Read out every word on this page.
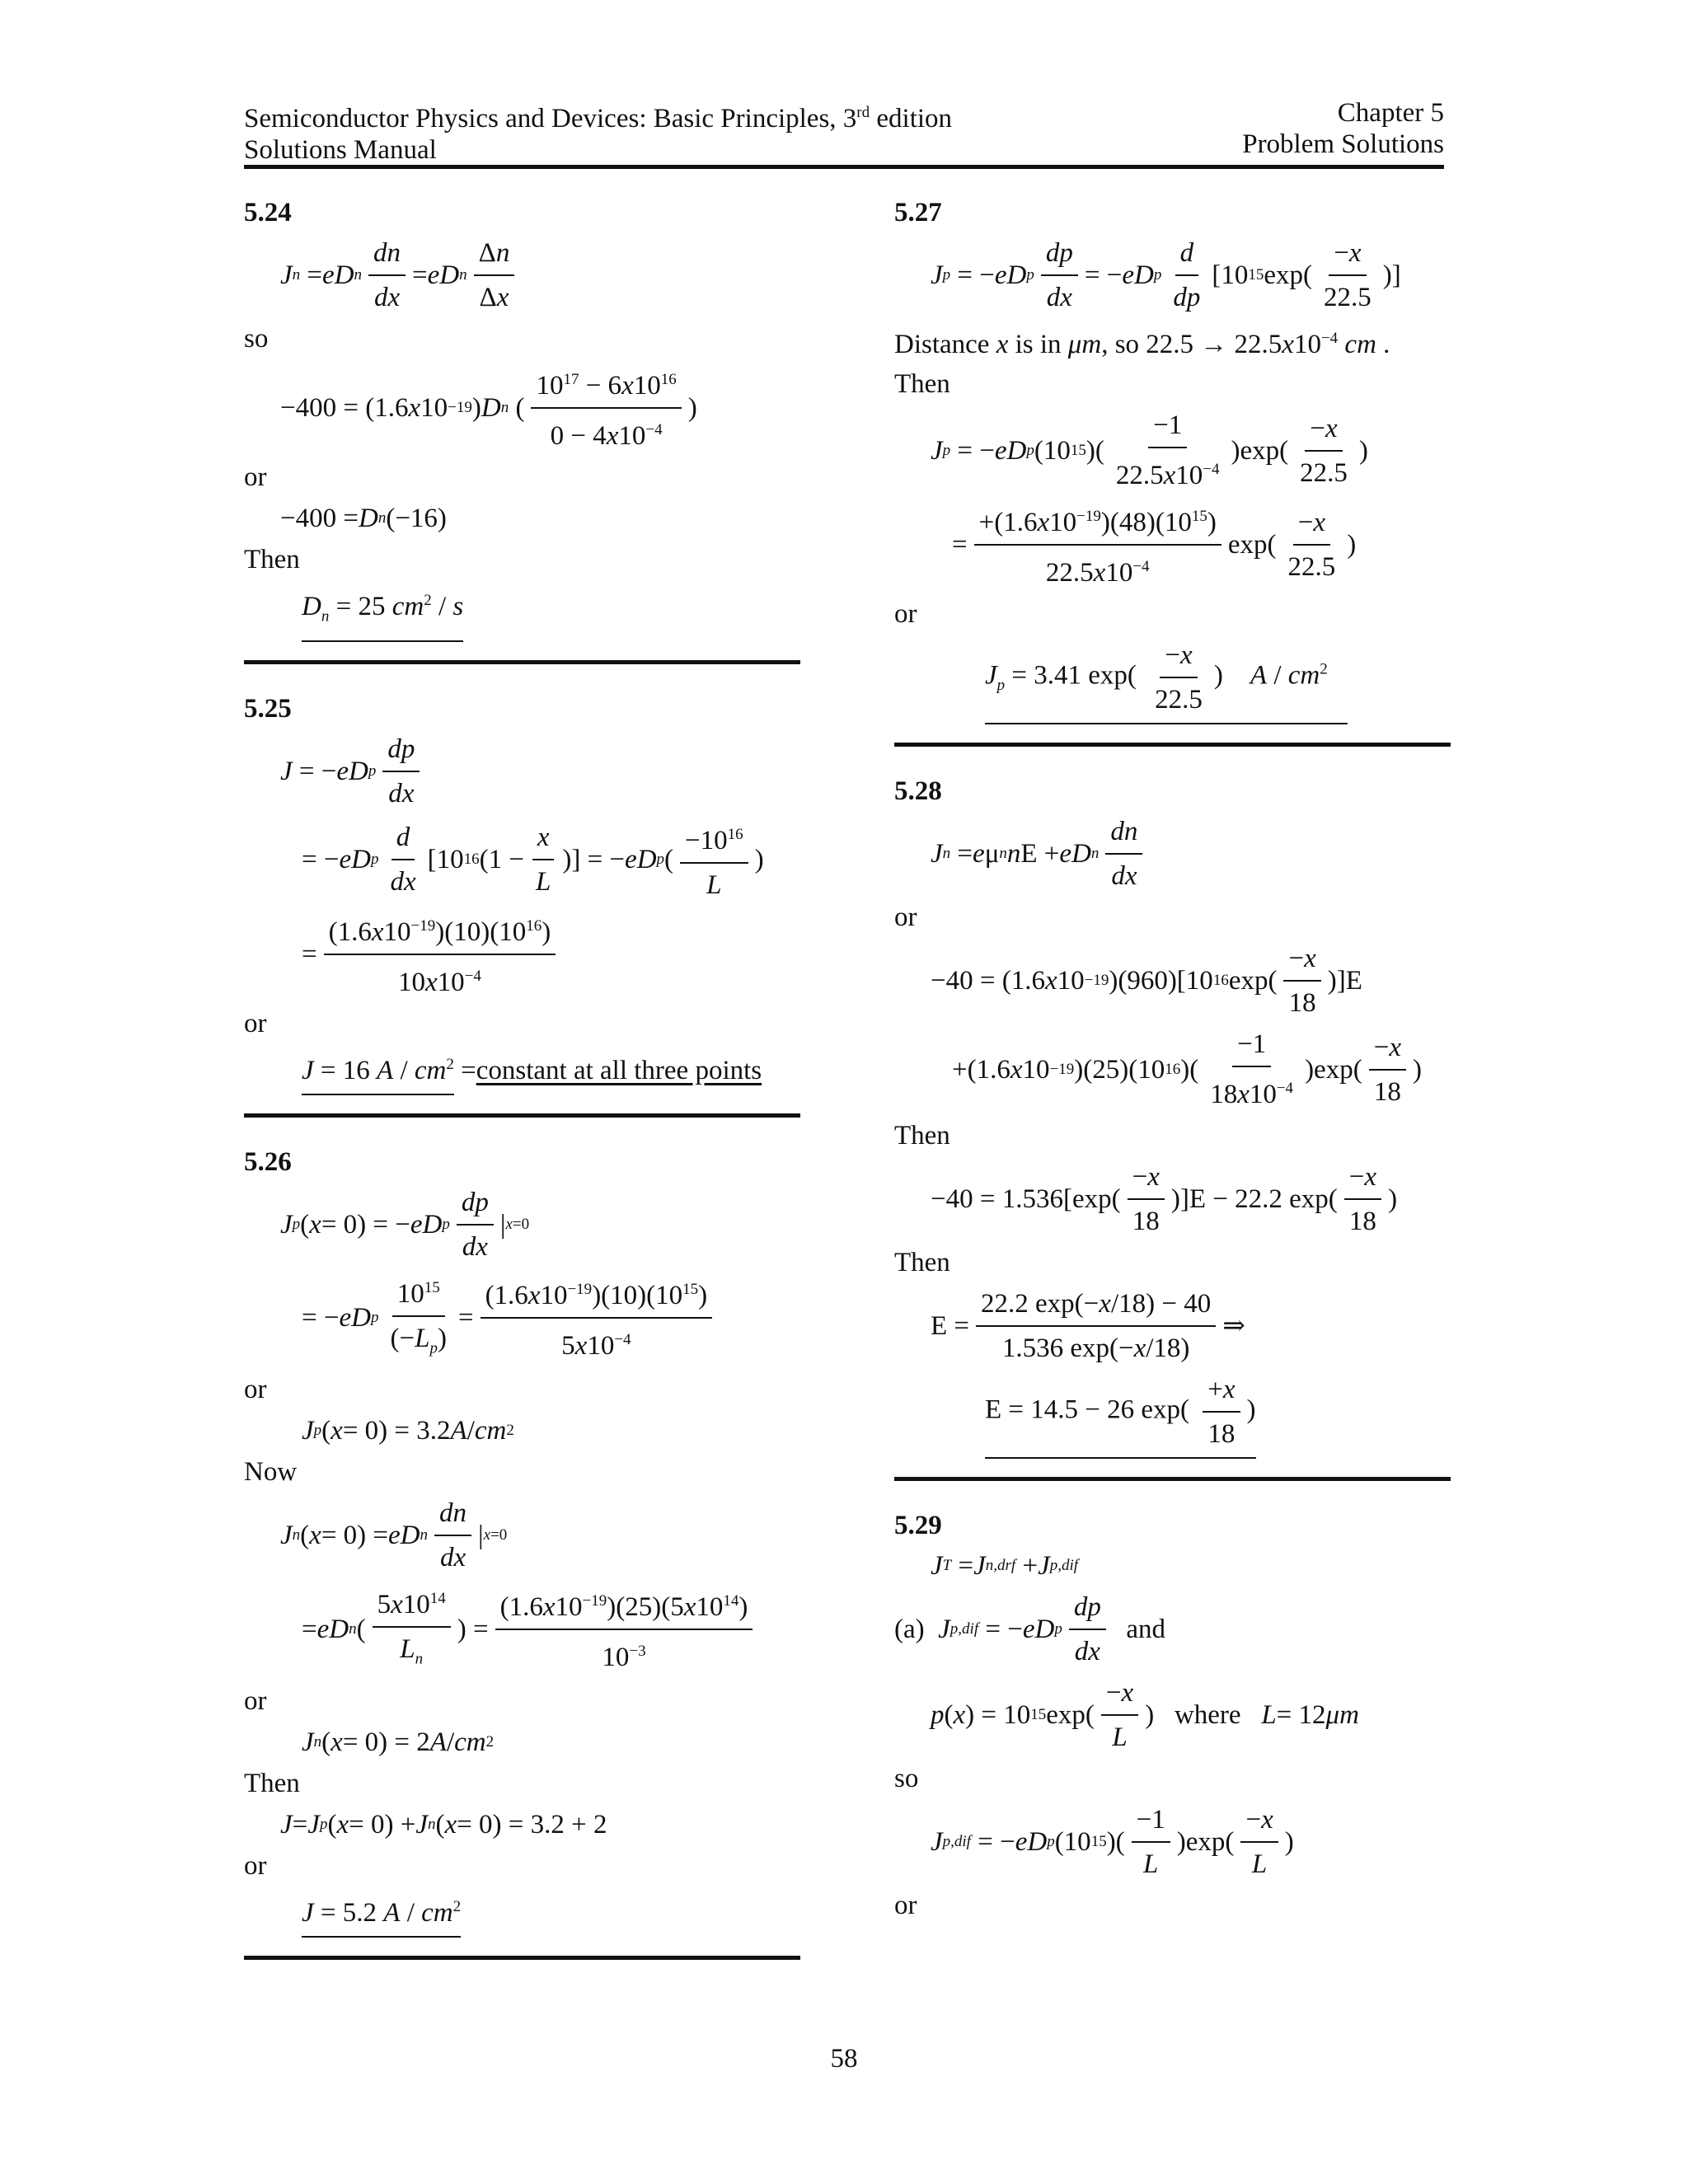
Semiconductor Physics and Devices: Basic Principles, 3rd edition
Solutions Manual
Chapter 5
Problem Solutions
5.24
J n = eD n $\frac{dn}{dx}$ = eD n $\frac{\Delta n}{\Delta x}$
so
−400 = (1.6 x 10 −19 ) D n ( $\frac{10^{17} - 6x10^{16}}{0 - 4x10^{-4}}$ )
or
−400 = D n (−16)
Then
$D_n = 25$ $cm^2$ / s
5.25
J = − eD p $\frac{dp}{dx}$
= − eD p $\frac{d}{dx} [10$ 16 ($1 - \frac{x}{L}$ )] = − eD p ( $\frac{-10^{16}}{L}$ )
= $\frac{(1.6x10^{-19})(10)(10^{16})}{10x10^{-4}}$
or
J = 16 A / $cm^2$ = constant at all three points
5.26
J p ( x = 0) = − eD p $\frac{dp}{dx}$ | x=0
= − eD p $\frac{10^{15}}{(-L_p)} = \frac{(1.6x10^{-19})(10)(10^{15})}{5x10^{-4}}$
or
J p ( x = 0) = 3.2 A / cm 2
Now
J n ( x = 0) = eD n $\frac{dn}{dx}$ | x=0
= eD n ( $\frac{5x10^{14}}{L_n}$ ) = $\frac{(1.6x10^{-19})(25)(5x10^{14})}{10^{-3}}$
or
J n ( x = 0) = 2 A / cm 2
Then
J = J p ( x = 0) + J n ( x = 0) = 3.2 + 2
or
J = 5.2 A / $cm^2$
5.27
J p = − eD p $\frac{dp}{dx}$ = − eD p $\frac{d}{dp} [10$ 15 $\exp( \frac{-x}{22.5}$ )]
Distance x is in μm, so $22.5 \to 22.5x10^{-4}$ cm .
Then
J p = − eD p (10 15 )( $\frac{-1}{22.5x10^{-4}} )\exp( \frac{-x}{22.5}$ )
= $\frac{+(1.6x10^{-19})(48)(10^{15})}{22.5x10^{-4}} \exp( \frac{-x}{22.5}$ )
or
$J_p = 3.41$ $\exp( \frac{-x}{22.5}$ )    A / $cm^2$
5.28
J n = e μ n n E + eD n $\frac{dn}{dx}$
or
−40 = (1.6 x 10 −19 )(960)[10 16 $\exp( \frac{-x}{18} )]E$
+(1.6 x 10 −19 )(25)(10 16 )( $\frac{-1}{18x10^{-4}} )\exp( \frac{-x}{18}$ )
Then
$-40 = 1.536[\exp( \frac{-x}{18} )]E - 22.2$ $\exp( \frac{-x}{18}$ )
Then
$E = \frac{22.2 \exp(-x/18) - 40}{1.536 \exp(-x/18)}$ ⇒
E = 14.5 − 26 $\exp( \frac{+x}{18}$ )
5.29
J T = J n,drf + J p,dif
(a)
J p,dif = − eD p $\frac{dp}{dx}$
and
p ( x ) = 10 15 $\exp( \frac{-x}{L}$ ) where
L = 12 μm
so
J p,dif = − eD p (10 15 )( $\frac{-1}{L} )\exp( \frac{-x}{L}$ )
or
58
